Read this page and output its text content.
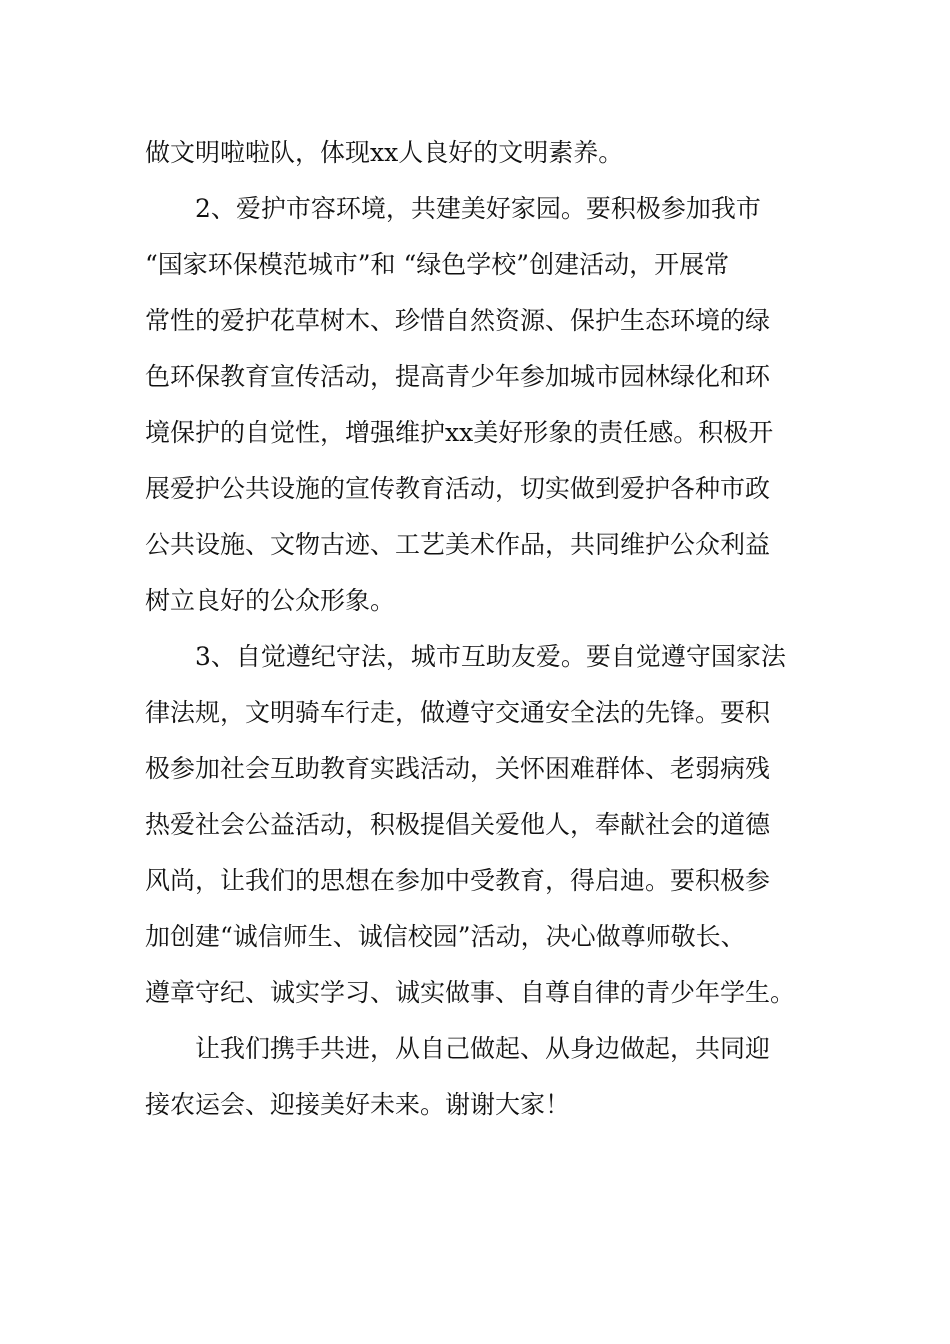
做文明啦啦队，体现xx人良好的文明素养。
　2、爱护市容环境，共建美好家园。要积极参加我市
“国家环保模范城市”和 “绿色学校”创建活动，开展常
常性的爱护花草树木、珍惜自然资源、保护生态环境的绿
色环保教育宣传活动，提高青少年参加城市园林绿化和环
境保护的自觉性，增强维护xx美好形象的责任感。积极开
展爱护公共设施的宣传教育活动，切实做到爱护各种市政
公共设施、文物古迹、工艺美术作品，共同维护公众利益
树立良好的公众形象。
　3、自觉遵纪守法，城市互助友爱。要自觉遵守国家法
律法规，文明骑车行走，做遵守交通安全法的先锋。要积
极参加社会互助教育实践活动，关怀困难群体、老弱病残
热爱社会公益活动，积极提倡关爱他人，奉献社会的道德
风尚，让我们的思想在参加中受教育，得启迪。要积极参
加创建“诚信师生、诚信校园”活动，决心做尊师敬长、
遵章守纪、诚实学习、诚实做事、自尊自律的青少年学生。
　让我们携手共进，从自己做起、从身边做起，共同迎
接农运会、迎接美好未来。谢谢大家！
